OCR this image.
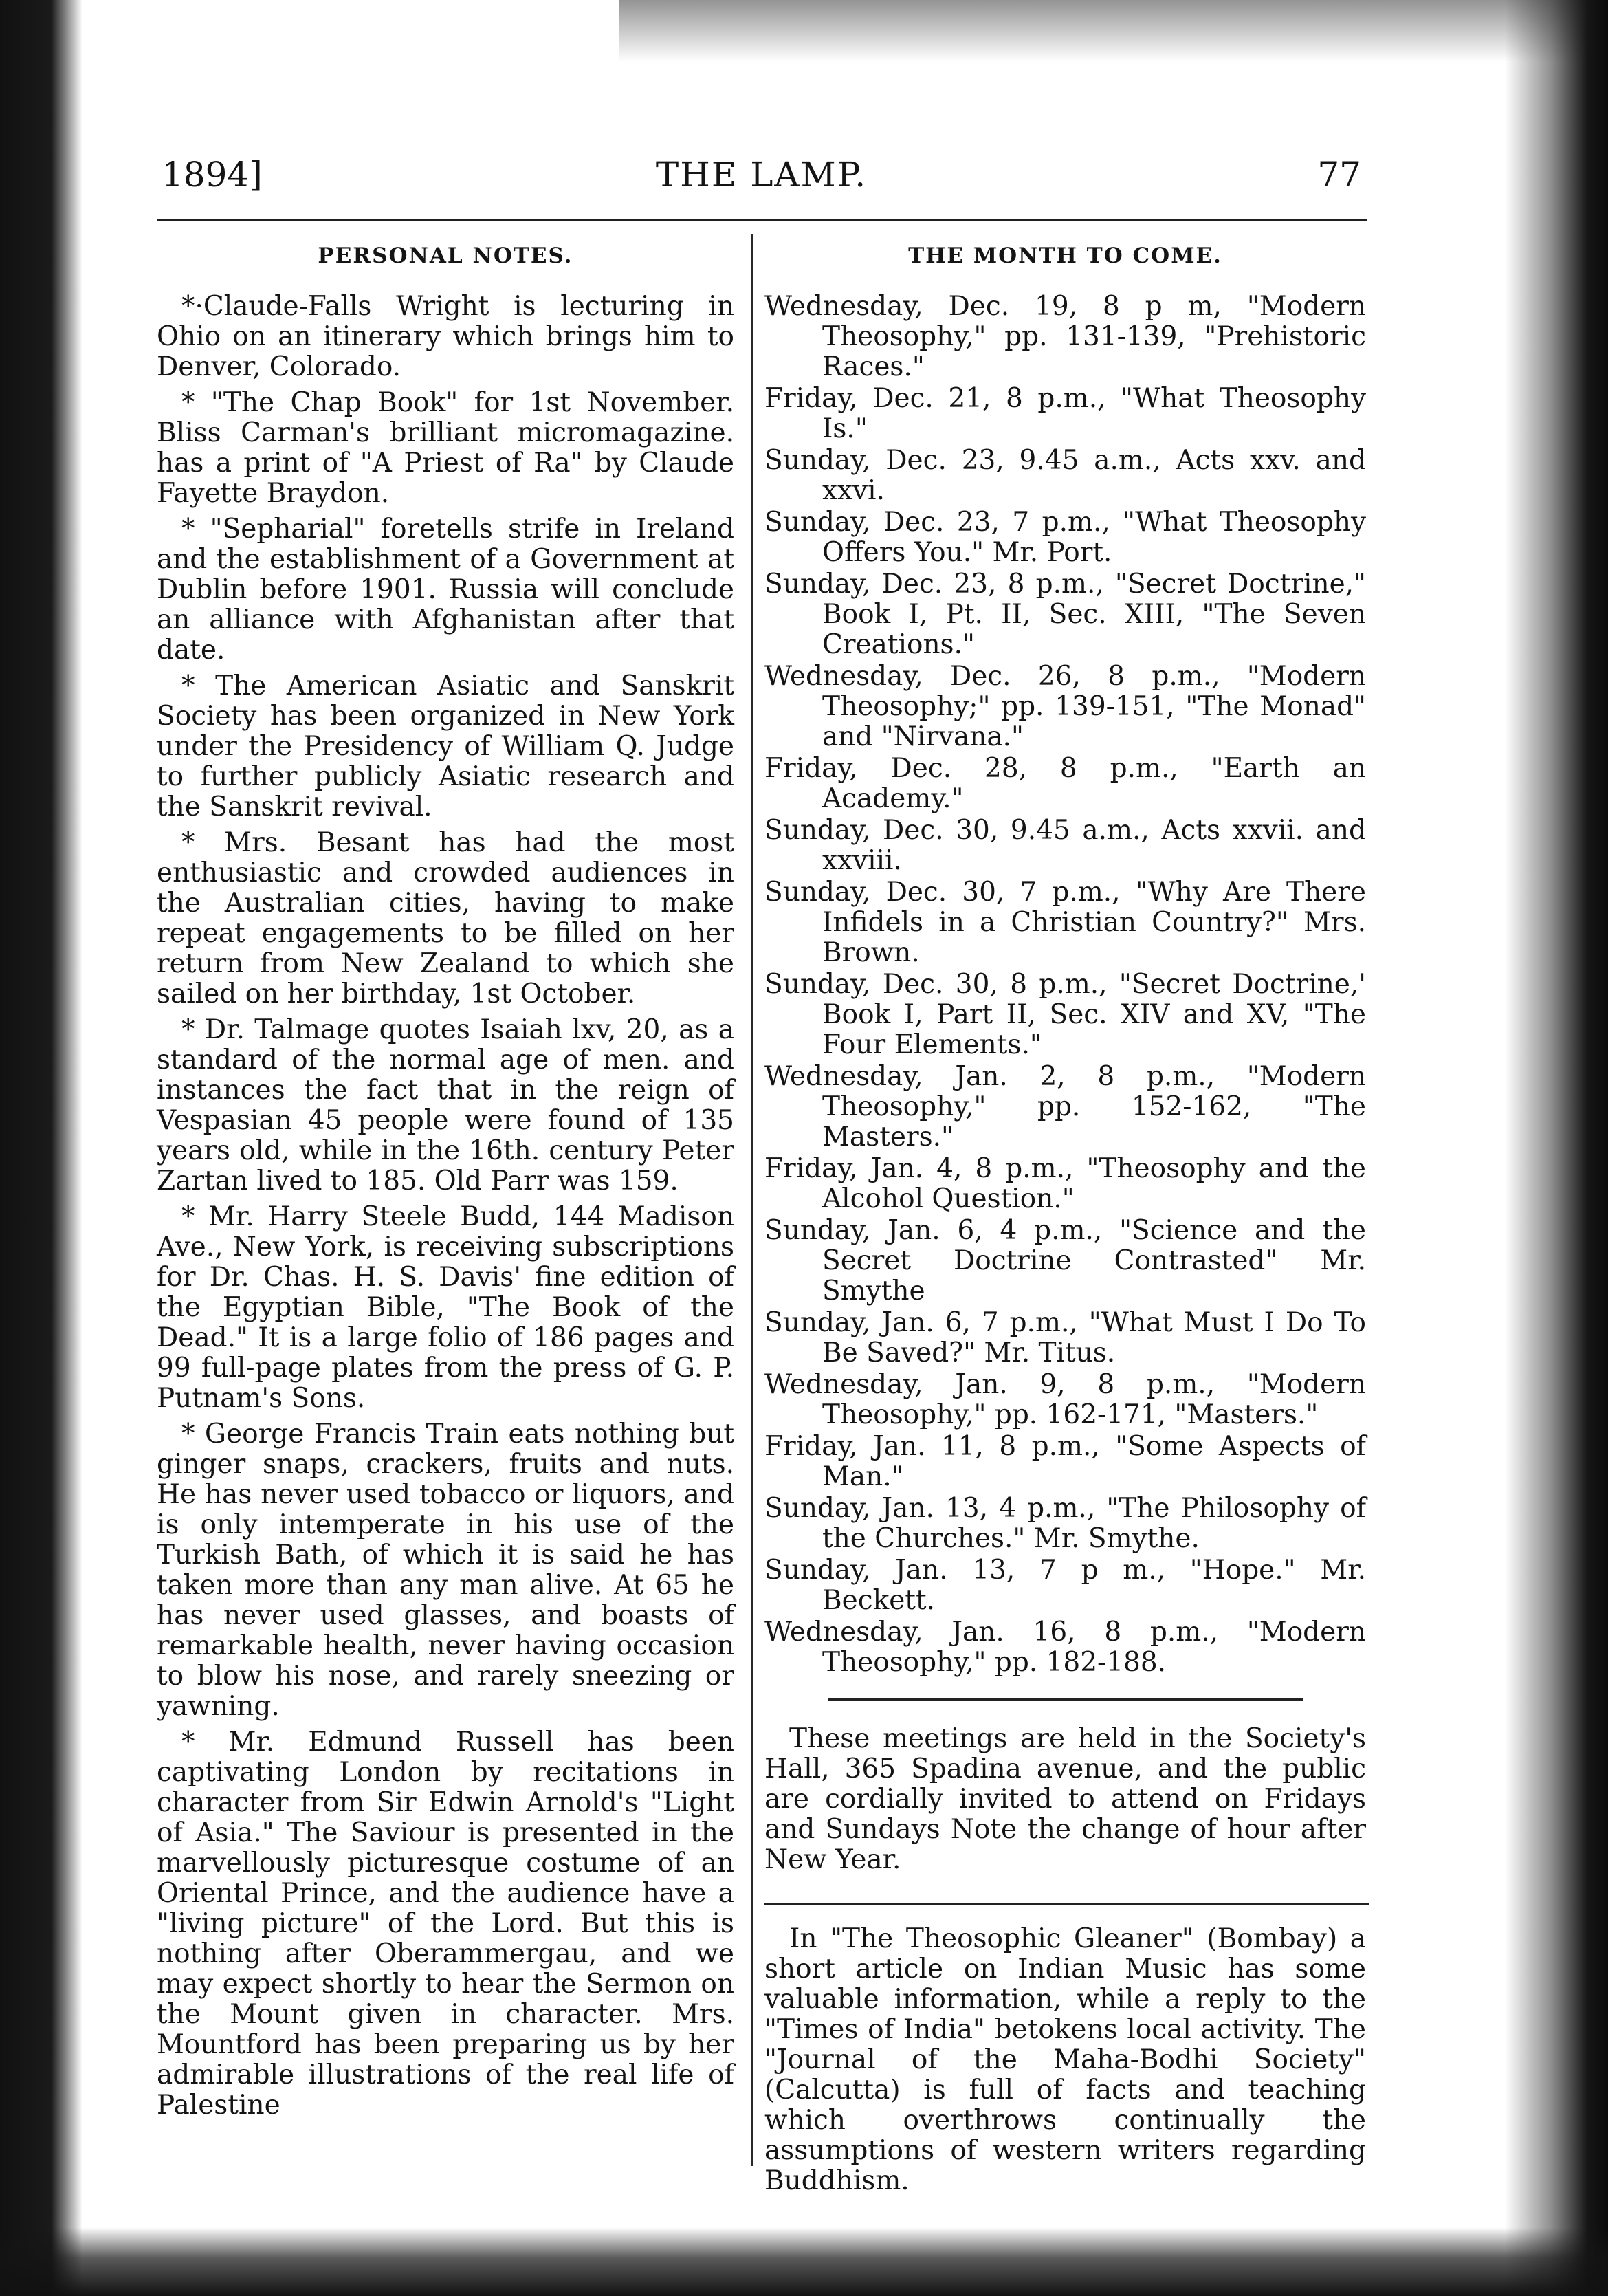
1894]	THE LAMP.	77
PERSONAL NOTES.

*·Claude-Falls Wright is lecturing in Ohio on an itinerary which brings him to Denver, Colorado.

* "The Chap Book" for 1st November. Bliss Carman's brilliant micromagazine. has a print of "A Priest of Ra" by Claude Fayette Braydon.

* "Sepharial" foretells strife in Ireland and the establishment of a Government at Dublin before 1901. Russia will conclude an alliance with Afghanistan after that date.

* The American Asiatic and Sanskrit Society has been organized in New York under the Presidency of William Q. Judge to further publicly Asiatic research and the Sanskrit revival.

* Mrs. Besant has had the most enthusiastic and crowded audiences in the Australian cities, having to make repeat engagements to be filled on her return from New Zealand to which she sailed on her birthday, 1st October.

* Dr. Talmage quotes Isaiah lxv, 20, as a standard of the normal age of men. and instances the fact that in the reign of Vespasian 45 people were found of 135 years old, while in the 16th. century Peter Zartan lived to 185. Old Parr was 159.

* Mr. Harry Steele Budd, 144 Madison Ave., New York, is receiving subscriptions for Dr. Chas. H. S. Davis' fine edition of the Egyptian Bible, "The Book of the Dead." It is a large folio of 186 pages and 99 full-page plates from the press of G. P. Putnam's Sons.

* George Francis Train eats nothing but ginger snaps, crackers, fruits and nuts. He has never used tobacco or liquors, and is only intemperate in his use of the Turkish Bath, of which it is said he has taken more than any man alive. At 65 he has never used glasses, and boasts of remarkable health, never having occasion to blow his nose, and rarely sneezing or yawning.

* Mr. Edmund Russell has been captivating London by recitations in character from Sir Edwin Arnold's "Light of Asia." The Saviour is presented in the marvellously picturesque costume of an Oriental Prince, and the audience have a "living picture" of the Lord. But this is nothing after Oberammergau, and we may expect shortly to hear the Sermon on the Mount given in character. Mrs. Mountford has been preparing us by her admirable illustrations of the real life of Palestine

THE MONTH TO COME.
Wednesday, Dec. 19, 8 p m, "Modern Theosophy," pp. 131-139, "Prehistoric Races."
Friday, Dec. 21, 8 p.m., "What Theosophy Is."
Sunday, Dec. 23, 9.45 a.m., Acts xxv. and xxvi.
Sunday, Dec. 23, 7 p.m., "What Theosophy Offers You." Mr. Port.
Sunday, Dec. 23, 8 p.m., "Secret Doctrine," Book I, Pt. II, Sec. XIII, "The Seven Creations."
Wednesday, Dec. 26, 8 p.m., "Modern Theosophy;" pp. 139-151, "The Monad" and "Nirvana."
Friday, Dec. 28, 8 p.m., "Earth an Academy."
Sunday, Dec. 30, 9.45 a.m., Acts xxvii. and xxviii.
Sunday, Dec. 30, 7 p.m., "Why Are There Infidels in a Christian Country?" Mrs. Brown.
Sunday, Dec. 30, 8 p.m., "Secret Doctrine,' Book I, Part II, Sec. XIV and XV, "The Four Elements."
Wednesday, Jan. 2, 8 p.m., "Modern Theosophy," pp. 152-162, "The Masters."
Friday, Jan. 4, 8 p.m., "Theosophy and the Alcohol Question."
Sunday, Jan. 6, 4 p.m., "Science and the Secret Doctrine Contrasted" Mr. Smythe
Sunday, Jan. 6, 7 p.m., "What Must I Do To Be Saved?" Mr. Titus.
Wednesday, Jan. 9, 8 p.m., "Modern Theosophy," pp. 162-171, "Masters."
Friday, Jan. 11, 8 p.m., "Some Aspects of Man."
Sunday, Jan. 13, 4 p.m., "The Philosophy of the Churches." Mr. Smythe.
Sunday, Jan. 13, 7 p m., "Hope." Mr. Beckett.
Wednesday, Jan. 16, 8 p.m., "Modern Theosophy," pp. 182-188.

These meetings are held in the Society's Hall, 365 Spadina avenue, and the public are cordially invited to attend on Fridays and Sundays Note the change of hour after New Year.

In "The Theosophic Gleaner" (Bombay) a short article on Indian Music has some valuable information, while a reply to the "Times of India" betokens local activity. The "Journal of the Maha-Bodhi Society" (Calcutta) is full of facts and teaching which overthrows continually the assumptions of western writers regarding Buddhism.
